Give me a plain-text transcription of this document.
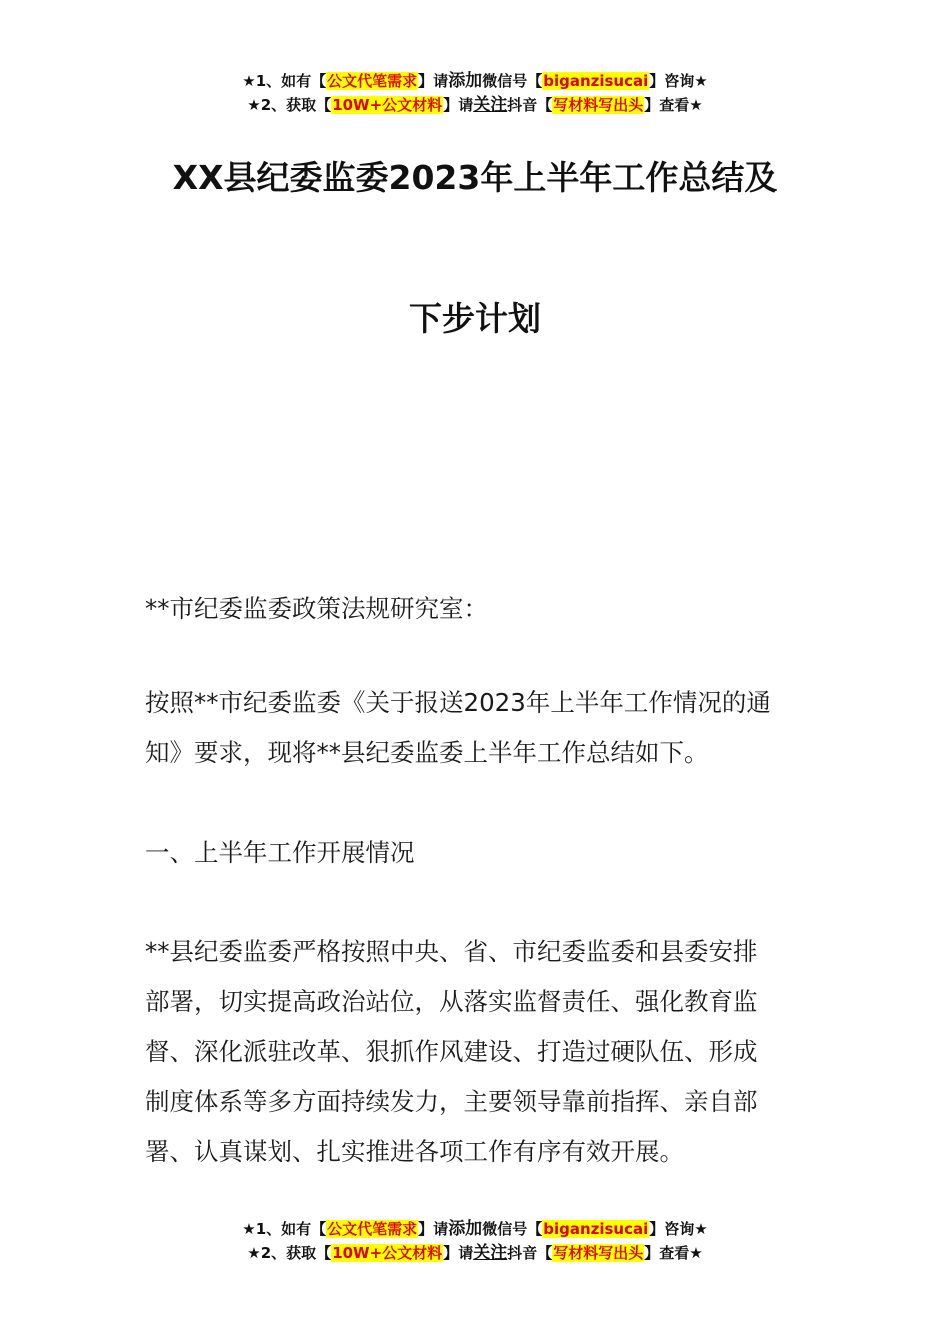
★1、如有【公文代笔需求】请添加微信号【biganzisucai】咨询★
★2、获取【10W+公文材料】请关注抖音【写材料写出头】查看★
XX县纪委监委2023年上半年工作总结及
下步计划
**市纪委监委政策法规研究室：
按照**市纪委监委《关于报送2023年上半年工作情况的通
知》要求，现将**县纪委监委上半年工作总结如下。
一、上半年工作开展情况
**县纪委监委严格按照中央、省、市纪委监委和县委安排
部署，切实提高政治站位，从落实监督责任、强化教育监
督、深化派驻改革、狠抓作风建设、打造过硬队伍、形成
制度体系等多方面持续发力，主要领导靠前指挥、亲自部
署、认真谋划、扎实推进各项工作有序有效开展。
★1、如有【公文代笔需求】请添加微信号【biganzisucai】咨询★
★2、获取【10W+公文材料】请关注抖音【写材料写出头】查看★
